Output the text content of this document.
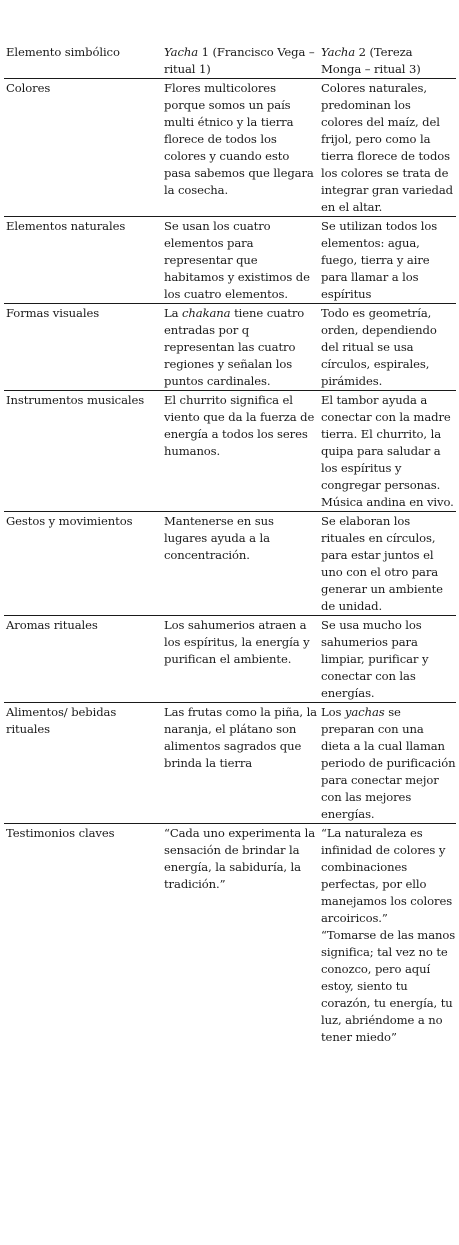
Elemento simbólico	Yacha 1 (Francisco Vega – ritual 1)	Yacha 2 (Tereza Monga – ritual 3)

Colores	Flores multicolores porque somos un país multi étnico y la tierra florece de todos los colores y cuando esto pasa sabemos que llegara la cosecha.	Colores naturales, predominan los colores del maíz, del frijol, pero como la tierra florece de todos los colores se trata de integrar gran variedad en el altar.

Elementos naturales	Se usan los cuatro elementos para representar que habitamos y existimos de los cuatro elementos.	Se utilizan todos los elementos: agua, fuego, tierra y aire para llamar a los espíritus

Formas visuales	La chakana tiene cuatro entradas por q representan las cuatro regiones y señalan los puntos cardinales.	Todo es geometría, orden, dependiendo del ritual se usa círculos, espirales, pirámides.

Instrumentos musicales	El churrito significa el viento que da la fuerza de energía a todos los seres humanos.	El tambor ayuda a conectar con la madre tierra. El churrito, la quipa para saludar a los espíritus y congregar personas. Música andina en vivo.

Gestos y movimientos	Mantenerse en sus lugares ayuda a la concentración.	Se elaboran los rituales en círculos, para estar juntos el uno con el otro para generar un ambiente de unidad.

Aromas rituales	Los sahumerios atraen a los espíritus, la energía y purifican el ambiente.	Se usa mucho los sahumerios para limpiar, purificar y conectar con las energías.

Alimentos/ bebidas rituales	Las frutas como la piña, la naranja, el plátano son alimentos sagrados que brinda la tierra	Los yachas se preparan con una dieta a la cual llaman periodo de purificación para conectar mejor con las mejores energías.

Testimonios claves	“Cada uno experimenta la sensación de brindar la energía, la sabiduría, la tradición.”	“La naturaleza es infinidad de colores y combinaciones perfectas, por ello manejamos los colores arcoiricos.”
“Tomarse de las manos significa; tal vez no te conozco, pero aquí estoy, siento tu corazón, tu energía, tu luz, abriéndome a no tener miedo”
